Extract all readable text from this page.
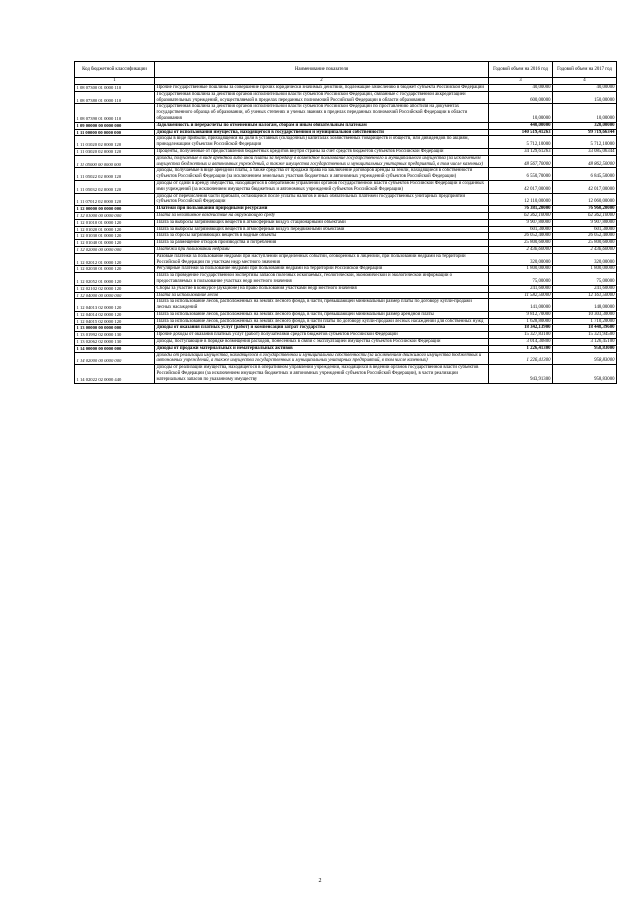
Код бюджетной классификации	Наименование показателя	Годовой объем на 2016 год	Годовой объем на 2017 год
1	2	3	4
1 08 07300 01 0000 110	Прочие государственные пошлины за совершение прочих юридически значимых действий, подлежащие зачислению в бюджет субъекта Российской Федерации	40,00000	40,00000
1 08 07380 01 0000 110	Государственная пошлина за действия органов исполнительной власти субъектов Российской Федерации, связанные с государственной аккредитацией образовательных учреждений, осуществляемой в пределах переданных полномочий Российской Федерации в области образования	600,00000	150,00000
1 08 07390 01 0000 110	Государственная пошлина за действия органов исполнительной власти субъектов Российской Федерации по проставлению апостиля на документах государственного образца об образовании, об ученых степенях и ученых званиях в пределах переданных полномочий Российской Федерации в области образования	10,00000	10,00000
1 09 00000 00 0000 000	Задолженность и перерасчеты по отмененным налогам, сборам и иным обязательным платежам	440,00000	320,00000
1 11 00000 00 0000 000	Доходы от использования имущества, находящегося в государственной и муниципальной собственности	140 519,41263	99 719,66344
1 11 01020 02 0000 120	Доходы в виде прибыли, приходящейся на доли в уставных (складочных) капиталах хозяйственных товариществ и обществ, или дивидендов по акциям, принадлежащим субъектам Российской Федерации	5 712,10000	5 712,10000
1 11 03020 02 0000 120	Проценты, полученные от предоставления бюджетных кредитов внутри страны за счет средств бюджетов субъектов Российской Федерации	34 129,61263	33 085,06344
1 11 05000 00 0000 000	Доходы, получаемые в виде арендной либо иной платы за передачу в возмездное пользование государственного и муниципального имущества (за исключением имущества бюджетных и автономных учреждений, а также имущества государственных и муниципальных унитарных предприятий, в том числе казенных)	48 567,70000	48 862,50000
1 11 05022 02 0000 120	Доходы, получаемые в виде арендной платы, а также средства от продажи права на заключение договоров аренды за земли, находящиеся в собственности субъектов Российской Федерации (за исключением земельных участков бюджетных и автономных учреждений субъектов Российской Федерации)	6 550,70000	6 845,50000
1 11 05032 02 0000 120	Доходы от сдачи в аренду имущества, находящегося в оперативном управлении органов государственной власти субъектов Российской Федерации и созданных ими учреждений (за исключением имущества бюджетных и автономных учреждений субъектов Российской Федерации)	42 017,00000	42 017,00000
1 11 07012 02 0000 120	Доходы от перечисления части прибыли, остающейся после уплаты налогов и иных обязательных платежей государственных унитарных предприятий субъектов Российской Федерации	12 110,00000	12 060,00000
1 12 00000 00 0000 000	Платежи при пользовании природными ресурсами	76 381,20000	76 960,20000
1 12 01000 00 0000 000	Плата за негативное воздействие на окружающую среду	62 362,10000	62 362,10000
1 12 01010 01 0000 120	Плата за выбросы загрязняющих веществ в атмосферный воздух стационарными объектами	9 907,80000	9 907,80000
1 12 01020 01 0000 120	Плата за выбросы загрязняющих веществ в атмосферный воздух передвижными объектами	601,30000	601,30000
1 12 01030 01 0000 120	Плата за сбросы загрязняющих веществ в водные объекты	26 052,40000	26 052,40000
1 12 01040 01 0000 120	Плата за размещение отходов производства и потребления	25 800,60000	25 800,60000
1 12 02000 00 0000 000	Платежи при пользовании недрами	2 436,60000	2 436,60000
1 12 02012 01 0000 120	Разовые платежи за пользование недрами при наступлении определенных событий, оговоренных в лицензии, при пользовании недрами на территории Российской Федерации по участкам недр местного значения	320,00000	320,00000
1 12 02030 01 0000 120	Регулярные платежи за пользование недрами при пользовании недрами на территории Российской Федерации	1 800,00000	1 800,00000
1 12 02052 01 0000 120	Плата за проведение государственной экспертизы запасов полезных ископаемых, геологической, экономической и экологической информации о предоставляемых в пользование участках недр местного значения	75,00000	75,00000
1 12 02102 02 0000 120	Сборы за участие в конкурсе (аукционе) на право пользования участками недр местного значения	241,60000	241,60000
1 12 04000 00 0000 000	Плата за использование лесов	11 582,50000	12 161,50000
1 12 04013 02 0000 120	Плата за использование лесов, расположенных на землях лесного фонда, в части, превышающей минимальный размер платы по договору купли-продажи лесных насаждений	141,00000	148,00000
1 12 04014 02 0000 120	Плата за использование лесов, расположенных на землях лесного фонда, в части, превышающей минимальный размер арендной платы	9 812,70000	10 303,30000
1 12 04015 02 0000 120	Плата за использование лесов, расположенных на землях лесного фонда, в части платы по договору купли-продажи лесных насаждений для собственных нужд	1 628,80000	1 710,20000
1 13 00000 00 0000 000	Доходы от оказания платных услуг (работ) и компенсации затрат государства	18 342,13900	18 448,39600
1 13 01992 02 0000 130	Прочие доходы от оказания платных услуг (работ) получателями средств бюджетов субъектов Российской Федерации	15 327,83100	15 321,94500
1 13 02062 02 0000 130	Доходы, поступающие в порядке возмещения расходов, понесенных в связи с эксплуатацией имущества субъектов Российской Федерации	3 014,30800	3 126,45100
1 14 00000 00 0000 000	Доходы от продажи материальных и нематериальных активов	1 226,41300	958,83000
1 14 02000 00 0000 000	Доходы от реализации имущества, находящегося в государственной и муниципальной собственности (за исключением движимого имущества бюджетных и автономных учреждений, а также имущества государственных и муниципальных унитарных предприятий, в том числе казенных)	1 226,41300	958,83000
1 14 02022 02 0000 440	Доходы от реализации имущества, находящегося в оперативном управлении учреждений, находящихся в ведении органов государственной власти субъектов Российской Федерации (за исключением имущества бюджетных и автономных учреждений субъектов Российской Федерации), в части реализации материальных запасов по указанному имуществу	943,91300	958,83000
2
